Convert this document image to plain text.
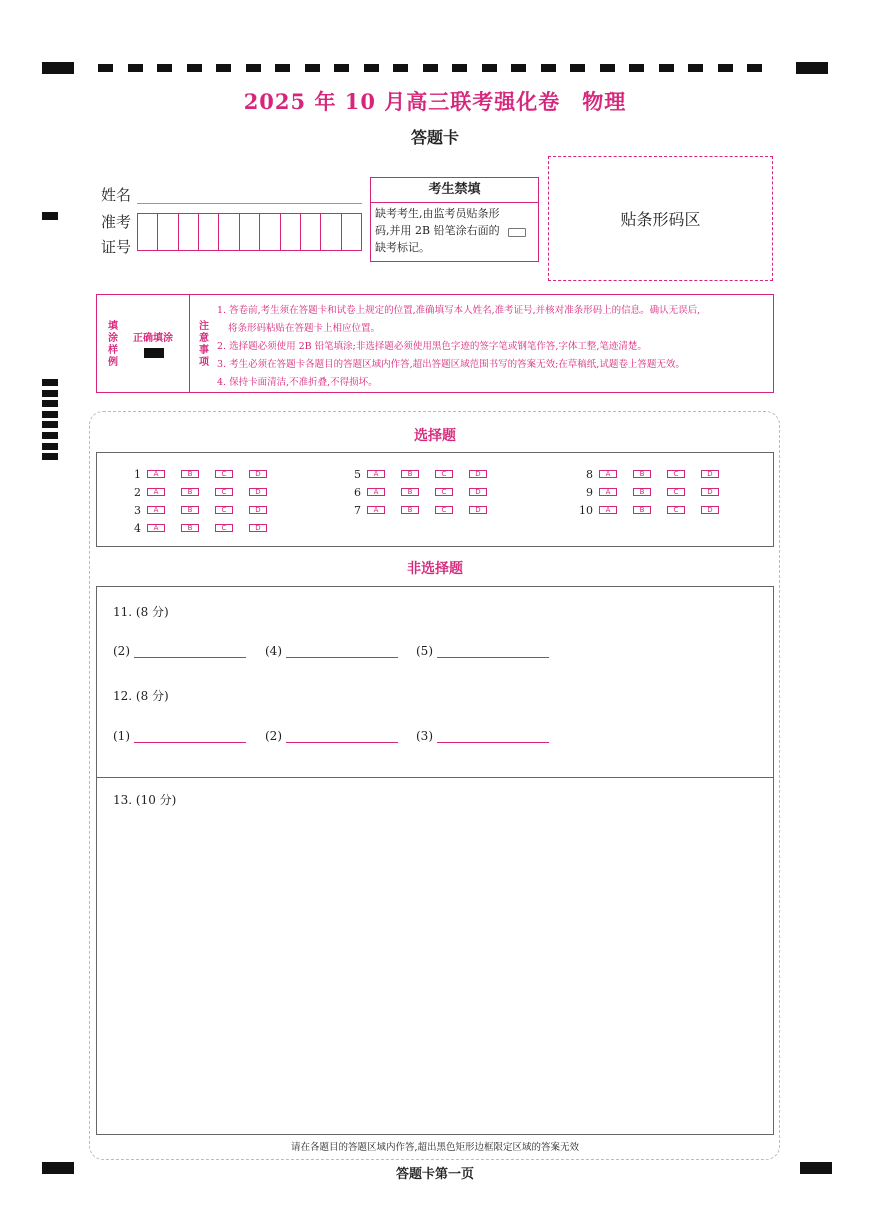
2025 年 10 月高三联考强化卷　物理
答题卡
姓名
准考
证号
考生禁填
缺考考生,由监考员贴条形码,并用 2B 铅笔涂右面的缺考标记。
贴条形码区
填
涂
样
例
正确填涂
注
意
事
项
1. 答卷前,考生须在答题卡和试卷上规定的位置,准确填写本人姓名,准考证号,并核对准条形码上的信息。确认无误后,
将条形码粘贴在答题卡上相应位置。
2. 选择题必须使用 2B 铅笔填涂;非选择题必须使用黑色字迹的签字笔或钢笔作答,字体工整,笔迹清楚。
3. 考生必须在答题卡各题目的答题区域内作答,超出答题区域范围书写的答案无效;在草稿纸,试题卷上答题无效。
4. 保持卡面清洁,不准折叠,不得损坏。
选择题
1	A	B	C	D
2	A	B	C	D
3	A	B	C	D
4	A	B	C	D
5	A	B	C	D
6	A	B	C	D
7	A	B	C	D
8	A	B	C	D
9	A	B	C	D
10	A	B	C	D
非选择题
11. (8 分)
(2)	(4)	(5)
12. (8 分)
(1)	(2)	(3)
13. (10 分)
请在各题目的答题区域内作答,超出黑色矩形边框限定区域的答案无效
答题卡第一页
